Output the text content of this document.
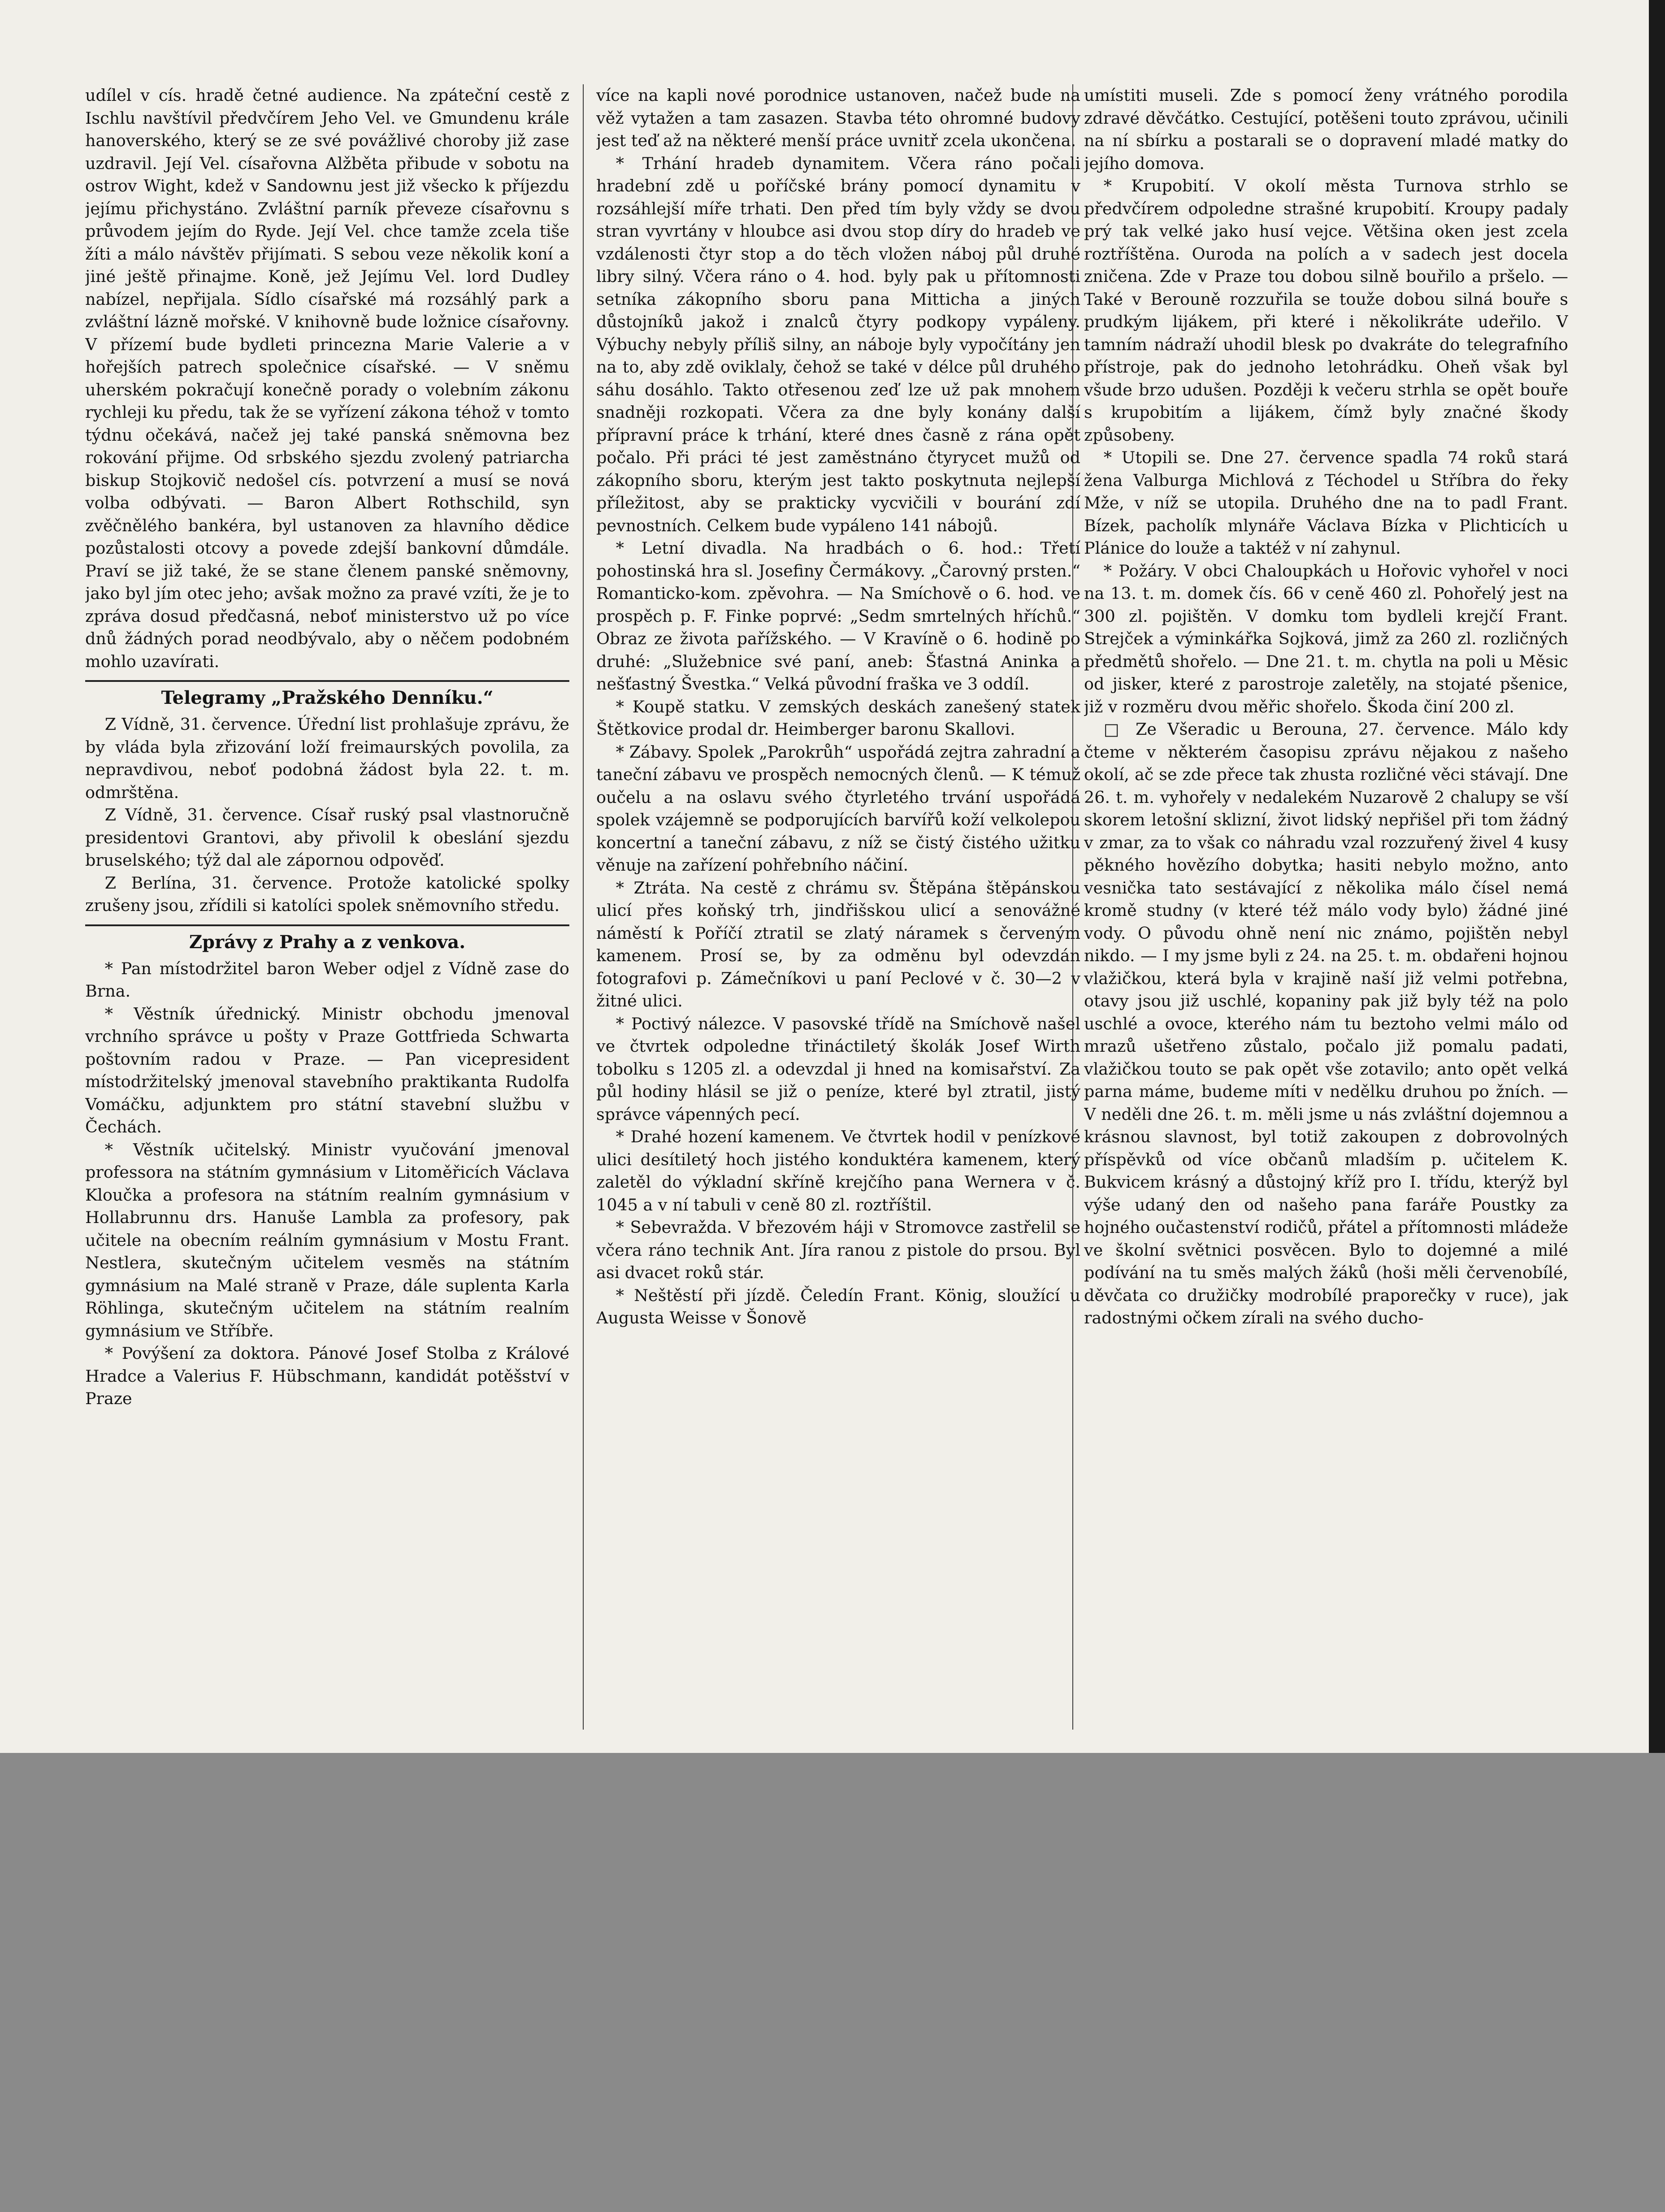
udílel v cís. hradě četné audience. Na zpáteční cestě z Ischlu navštívil předvčírem Jeho Vel. ve Gmundenu krále hanoverského, který se ze své povážlivé choroby již zase uzdravil. Její Vel. císařovna Alžběta přibude v sobotu na ostrov Wight, kdež v Sandownu jest již všecko k příjezdu jejímu přichystáno. Zvláštní parník převeze císařovnu s průvodem jejím do Ryde. Její Vel. chce tamže zcela tiše žíti a málo návštěv přijímati. S sebou veze několik koní a jiné ještě přinajme. Koně, jež Jejímu Vel. lord Dudley nabízel, nepřijala. Sídlo císařské má rozsáhlý park a zvláštní lázně mořské. V knihovně bude ložnice císařovny. V přízemí bude bydleti princezna Marie Valerie a v hořejších patrech společnice císařské. — V sněmu uherském pokračují konečně porady o volebním zákonu rychleji ku předu, tak že se vyřízení zákona téhož v tomto týdnu očekává, načež jej také panská sněmovna bez rokování přijme. Od srbského sjezdu zvolený patriarcha biskup Stojkovič nedošel cís. potvrzení a musí se nová volba odbývati. — Baron Albert Rothschild, syn zvěčnělého bankéra, byl ustanoven za hlavního dědice pozůstalosti otcovy a povede zdejší bankovní důmdále. Praví se již také, že se stane členem panské sněmovny, jako byl jím otec jeho; avšak možno za pravé vzíti, že je to zpráva dosud předčasná, neboť ministerstvo už po více dnů žádných porad neodbývalo, aby o něčem podobném mohlo uzavírati.

Telegramy „Pražského Denníku.“

Z Vídně, 31. července. Úřední list prohlašuje zprávu, že by vláda byla zřizování loží freimaurských povolila, za nepravdivou, neboť podobná žádost byla 22. t. m. odmrštěna.

Z Vídně, 31. července. Císař ruský psal vlastnoručně presidentovi Grantovi, aby přivolil k obeslání sjezdu bruselského; týž dal ale zápornou odpověď.

Z Berlína, 31. července. Protože katolické spolky zrušeny jsou, zřídili si katolíci spolek sněmovního středu.

Zprávy z Prahy a z venkova.

* Pan místodržitel baron Weber odjel z Vídně zase do Brna.

* Věstník úřednický. Ministr obchodu jmenoval vrchního správce u pošty v Praze Gottfrieda Schwarta poštovním radou v Praze. — Pan vicepresident místodržitelský jmenoval stavebního praktikanta Rudolfa Vomáčku, adjunktem pro státní stavební službu v Čechách.

* Věstník učitelský. Ministr vyučování jmenoval professora na státním gymnásium v Litoměřicích Václava Kloučka a profesora na státním realním gymnásium v Hollabrunnu drs. Hanuše Lambla za profesory, pak učitele na obecním reálním gymnásium v Mostu Frant. Nestlera, skutečným učitelem vesměs na státním gymnásium na Malé straně v Praze, dále suplenta Karla Röhlinga, skutečným učitelem na státním realním gymnásium ve Stříbře.

* Povýšení za doktora. Pánové Josef Stolba z Králové Hradce a Valerius F. Hübschmann, kandidát potěšství v Praze

více na kapli nové porodnice ustanoven, načež bude na věž vytažen a tam zasazen. Stavba této ohromné budovy jest teď až na některé menší práce uvnitř zcela ukončena.

* Trhání hradeb dynamitem. Včera ráno počali hradební zdě u poříčské brány pomocí dynamitu v rozsáhlejší míře trhati. Den před tím byly vždy se dvou stran vyvrtány v hloubce asi dvou stop díry do hradeb ve vzdálenosti čtyr stop a do těch vložen náboj půl druhé libry silný. Včera ráno o 4. hod. byly pak u přítomnosti setníka zákopního sboru pana Mitticha a jiných důstojníků jakož i znalců čtyry podkopy vypáleny. Výbuchy nebyly příliš silny, an náboje byly vypočítány jen na to, aby zdě oviklaly, čehož se také v délce půl druhého sáhu dosáhlo. Takto otřesenou zeď lze už pak mnohem snadněji rozkopati. Včera za dne byly konány další přípravní práce k trhání, které dnes časně z rána opět počalo. Při práci té jest zaměstnáno čtyrycet mužů od zákopního sboru, kterým jest takto poskytnuta nejlepší příležitost, aby se prakticky vycvičili v bourání zdí pevnostních. Celkem bude vypáleno 141 nábojů.

* Letní divadla. Na hradbách o 6. hod.: Třetí pohostinská hra sl. Josefiny Čermákovy. „Čarovný prsten.“ Romanticko-kom. zpěvohra. — Na Smíchově o 6. hod. ve prospěch p. F. Finke poprvé: „Sedm smrtelných hříchů.“ Obraz ze života pařížského. — V Kravíně o 6. hodině po druhé: „Služebnice své paní, aneb: Šťastná Aninka a nešťastný Švestka.“ Velká původní fraška ve 3 oddíl.

* Koupě statku. V zemských deskách zanešený statek Štětkovice prodal dr. Heimberger baronu Skallovi.

* Zábavy. Spolek „Parokrůh“ uspořádá zejtra zahradní a taneční zábavu ve prospěch nemocných členů. — K témuž oučelu a na oslavu svého čtyrletého trvání uspořádá spolek vzájemně se podporujících barvířů koží velkolepou koncertní a taneční zábavu, z níž se čistý čistého užitku věnuje na zařízení pohřebního náčiní.

* Ztráta. Na cestě z chrámu sv. Štěpána štěpánskou ulicí přes koňský trh, jindřišskou ulicí a senovážné náměstí k Poříčí ztratil se zlatý náramek s červeným kamenem. Prosí se, by za odměnu byl odevzdán fotografovi p. Zámečníkovi u paní Peclové v č. 30—2 v žitné ulici.

* Poctivý nálezce. V pasovské třídě na Smíchově našel ve čtvrtek odpoledne třináctiletý školák Josef Wirth tobolku s 1205 zl. a odevzdal ji hned na komisařství. Za půl hodiny hlásil se již o peníze, které byl ztratil, jistý správce vápenných pecí.

* Drahé hození kamenem. Ve čtvrtek hodil v penízkové ulici desítiletý hoch jistého konduktéra kamenem, který zaletěl do výkladní skříně krejčího pana Wernera v č. 1045 a v ní tabuli v ceně 80 zl. roztříštil.

* Sebevražda. V březovém háji v Stromovce zastřelil se včera ráno technik Ant. Jíra ranou z pistole do prsou. Byl asi dvacet roků stár.

* Neštěstí při jízdě. Čeledín Frant. König, sloužící u Augusta Weisse v Šonově

umístiti museli. Zde s pomocí ženy vrátného porodila zdravé děvčátko. Cestující, potěšeni touto zprávou, učinili na ní sbírku a postarali se o dopravení mladé matky do jejího domova.

* Krupobití. V okolí města Turnova strhlo se předvčírem odpoledne strašné krupobití. Kroupy padaly prý tak velké jako husí vejce. Většina oken jest zcela roztříštěna. Ouroda na polích a v sadech jest docela zničena. Zde v Praze tou dobou silně bouřilo a pršelo. — Také v Berouně rozzuřila se touže dobou silná bouře s prudkým lijákem, při které i několikráte udeřilo. V tamním nádraží uhodil blesk po dvakráte do telegrafního přístroje, pak do jednoho letohrádku. Oheň však byl všude brzo udušen. Později k večeru strhla se opět bouře s krupobitím a lijákem, čímž byly značné škody způsobeny.

* Utopili se. Dne 27. července spadla 74 roků stará žena Valburga Michlová z Téchodel u Stříbra do řeky Mže, v níž se utopila. Druhého dne na to padl Frant. Bízek, pacholík mlynáře Václava Bízka v Plichticích u Plánice do louže a taktéž v ní zahynul.

* Požáry. V obci Chaloupkách u Hořovic vyhořel v noci na 13. t. m. domek čís. 66 v ceně 460 zl. Pohořelý jest na 300 zl. pojištěn. V domku tom bydleli krejčí Frant. Strejček a výminkářka Sojková, jimž za 260 zl. rozličných předmětů shořelo. — Dne 21. t. m. chytla na poli u Měsic od jisker, které z parostroje zaletěly, na stojaté pšenice, již v rozměru dvou měřic shořelo. Škoda činí 200 zl.

□ Ze Všeradic u Berouna, 27. července. Málo kdy čteme v některém časopisu zprávu nějakou z našeho okolí, ač se zde přece tak zhusta rozličné věci stávají. Dne 26. t. m. vyhořely v nedalekém Nuzarově 2 chalupy se vší skorem letošní sklizní, život lidský nepřišel při tom žádný v zmar, za to však co náhradu vzal rozzuřený živel 4 kusy pěkného hovězího dobytka; hasiti nebylo možno, anto vesnička tato sestávající z několika málo čísel nemá kromě studny (v které též málo vody bylo) žádné jiné vody. O původu ohně není nic známo, pojištěn nebyl nikdo. — I my jsme byli z 24. na 25. t. m. obdařeni hojnou vlažičkou, která byla v krajině naší již velmi potřebna, otavy jsou již uschlé, kopaniny pak již byly též na polo uschlé a ovoce, kterého nám tu beztoho velmi málo od mrazů ušetřeno zůstalo, počalo již pomalu padati, vlažičkou touto se pak opět vše zotavilo; anto opět velká parna máme, budeme míti v nedělku druhou po žních. — V neděli dne 26. t. m. měli jsme u nás zvláštní dojemnou a krásnou slavnost, byl totiž zakoupen z dobrovolných příspěvků od více občanů mladším p. učitelem K. Bukvicem krásný a důstojný kříž pro I. třídu, kterýž byl výše udaný den od našeho pana faráře Poustky za hojného oučastenství rodičů, přátel a přítomnosti mládeže ve školní světnici posvěcen. Bylo to dojemné a milé podívání na tu směs malých žáků (hoši měli červenobílé, děvčata co družičky modrobílé praporečky v ruce), jak radostnými očkem zírali na svého ducho-
